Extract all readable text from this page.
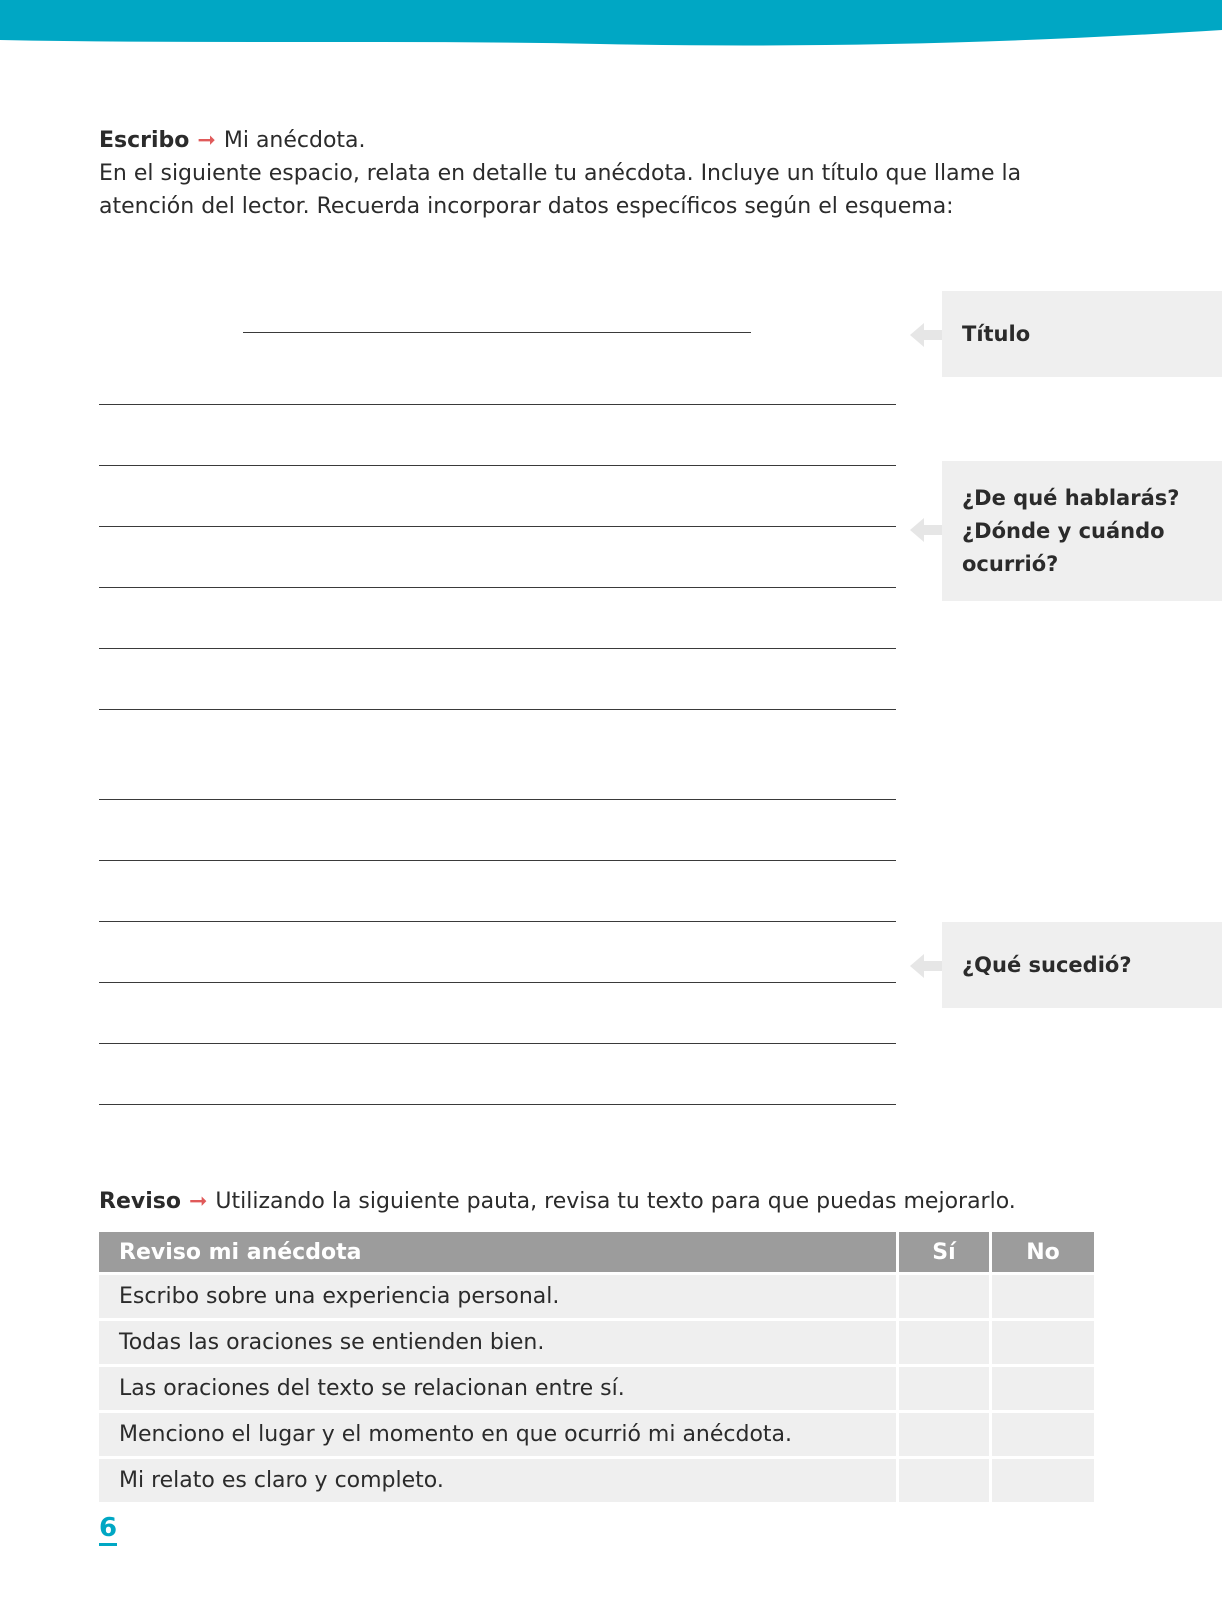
Escribo ➞ Mi anécdota.
En el siguiente espacio, relata en detalle tu anécdota. Incluye un título que llame la atención del lector. Recuerda incorporar datos específicos según el esquema:
Título
¿De qué hablarás? ¿Dónde y cuándo ocurrió?
¿Qué sucedió?
Reviso ➞ Utilizando la siguiente pauta, revisa tu texto para que puedas mejorarlo.
Reviso mi anécdota	Sí	No
Escribo sobre una experiencia personal.		
Todas las oraciones se entienden bien.		
Las oraciones del texto se relacionan entre sí.		
Menciono el lugar y el momento en que ocurrió mi anécdota.		
Mi relato es claro y completo.		
6
